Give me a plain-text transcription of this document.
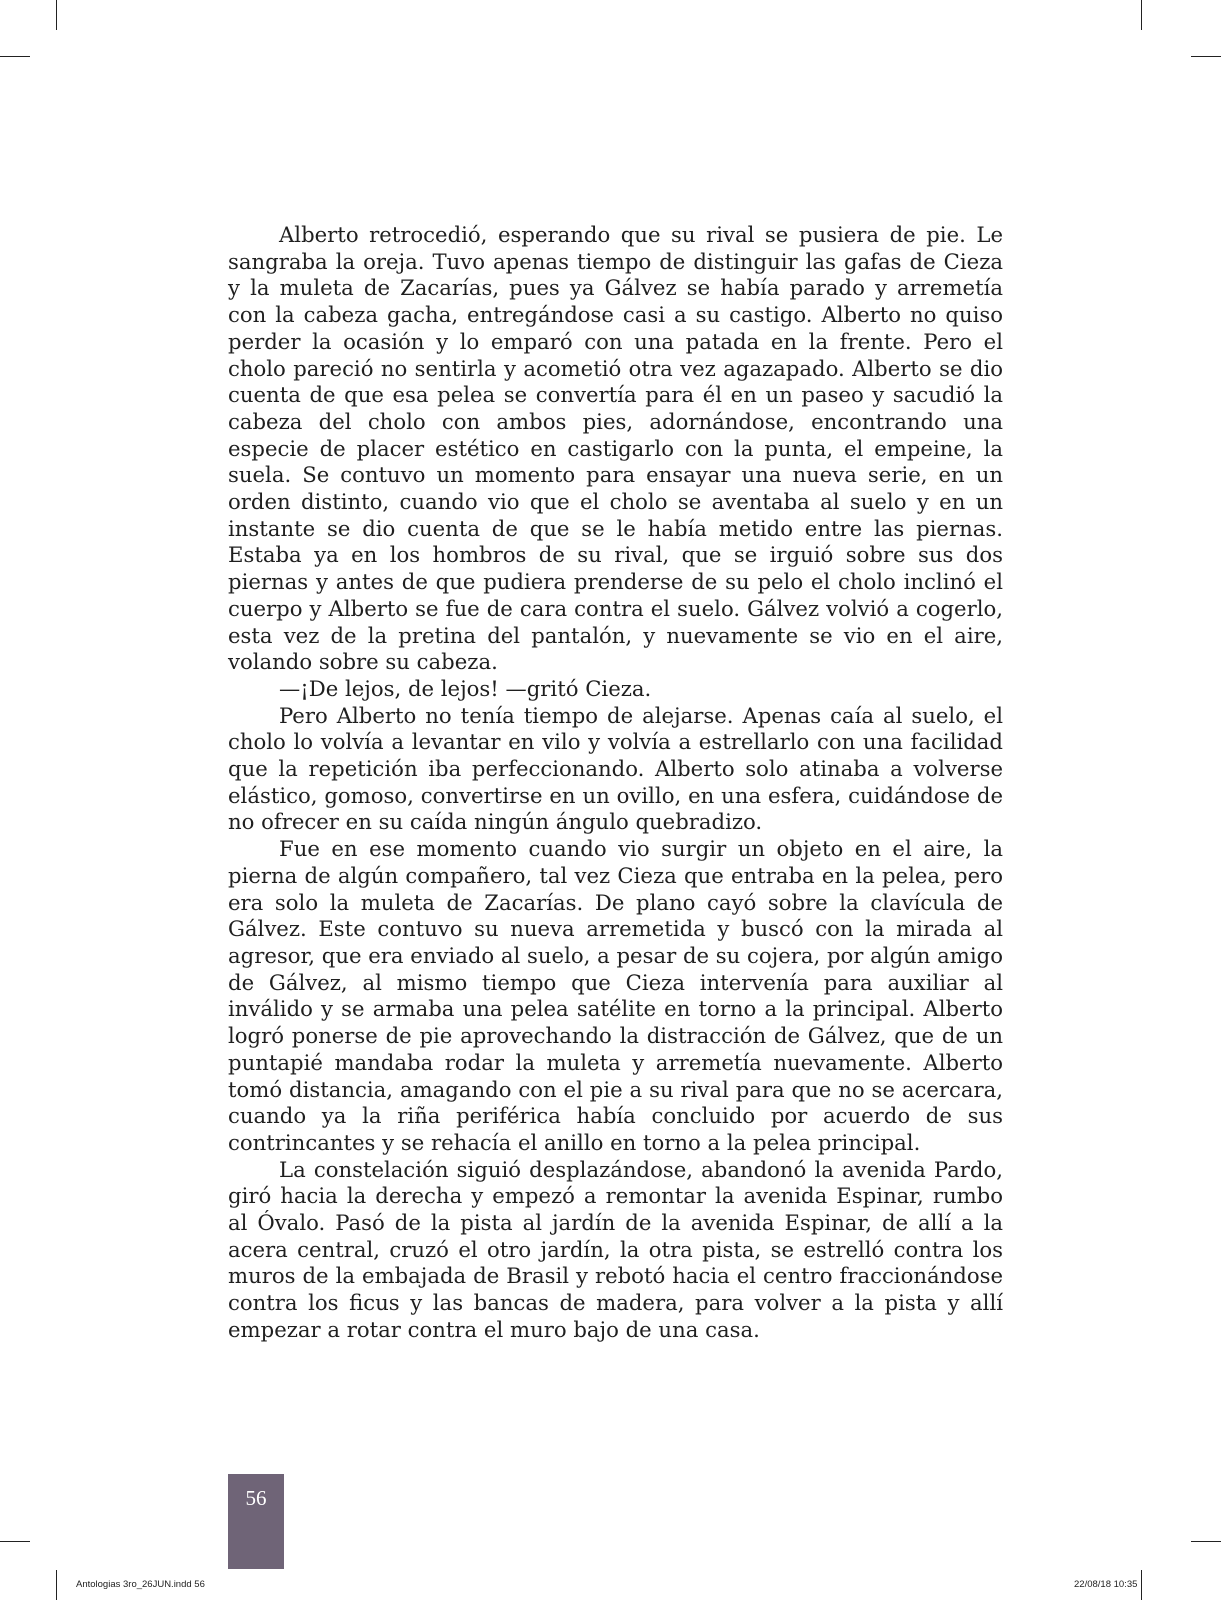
Alberto retrocedió, esperando que su rival se pusiera de pie. Le sangraba la oreja. Tuvo apenas tiempo de distinguir las gafas de Cieza y la muleta de Zacarías, pues ya Gálvez se había parado y arremetía con la cabeza gacha, entregándose casi a su castigo. Alberto no quiso perder la ocasión y lo emparó con una patada en la frente. Pero el cholo pareció no sentirla y acometió otra vez agazapado. Alberto se dio cuenta de que esa pelea se convertía para él en un paseo y sacudió la cabeza del cholo con ambos pies, adornándose, encontrando una especie de placer estético en castigarlo con la punta, el empeine, la suela. Se contuvo un momento para ensayar una nueva serie, en un orden distinto, cuando vio que el cholo se aventaba al suelo y en un instante se dio cuenta de que se le había metido entre las piernas. Estaba ya en los hombros de su rival, que se irguió sobre sus dos piernas y antes de que pudiera prenderse de su pelo el cholo inclinó el cuerpo y Alberto se fue de cara contra el suelo. Gálvez volvió a cogerlo, esta vez de la pretina del pantalón, y nuevamente se vio en el aire, volando sobre su cabeza.

—¡De lejos, de lejos! —gritó Cieza.

Pero Alberto no tenía tiempo de alejarse. Apenas caía al suelo, el cholo lo volvía a levantar en vilo y volvía a estrellarlo con una facilidad que la repetición iba perfeccionando. Alberto solo atinaba a volverse elástico, gomoso, convertirse en un ovillo, en una esfera, cuidándose de no ofrecer en su caída ningún ángulo quebradizo.

Fue en ese momento cuando vio surgir un objeto en el aire, la pierna de algún compañero, tal vez Cieza que entraba en la pelea, pero era solo la muleta de Zacarías. De plano cayó sobre la clavícula de Gálvez. Este contuvo su nueva arremetida y buscó con la mirada al agresor, que era enviado al suelo, a pesar de su cojera, por algún amigo de Gálvez, al mismo tiempo que Cieza intervenía para auxiliar al inválido y se armaba una pelea satélite en torno a la principal. Alberto logró ponerse de pie aprovechando la distracción de Gálvez, que de un puntapié mandaba rodar la muleta y arremetía nuevamente. Alberto tomó distancia, amagando con el pie a su rival para que no se acercara, cuando ya la riña periférica había concluido por acuerdo de sus contrincantes y se rehacía el anillo en torno a la pelea principal.

La constelación siguió desplazándose, abandonó la avenida Pardo, giró hacia la derecha y empezó a remontar la avenida Espinar, rumbo al Óvalo. Pasó de la pista al jardín de la avenida Espinar, de allí a la acera central, cruzó el otro jardín, la otra pista, se estrelló contra los muros de la embajada de Brasil y rebotó hacia el centro fraccionándose contra los ficus y las bancas de madera, para volver a la pista y allí empezar a rotar contra el muro bajo de una casa.

56
Antologias 3ro_26JUN.indd 56	22/08/18 10:35
